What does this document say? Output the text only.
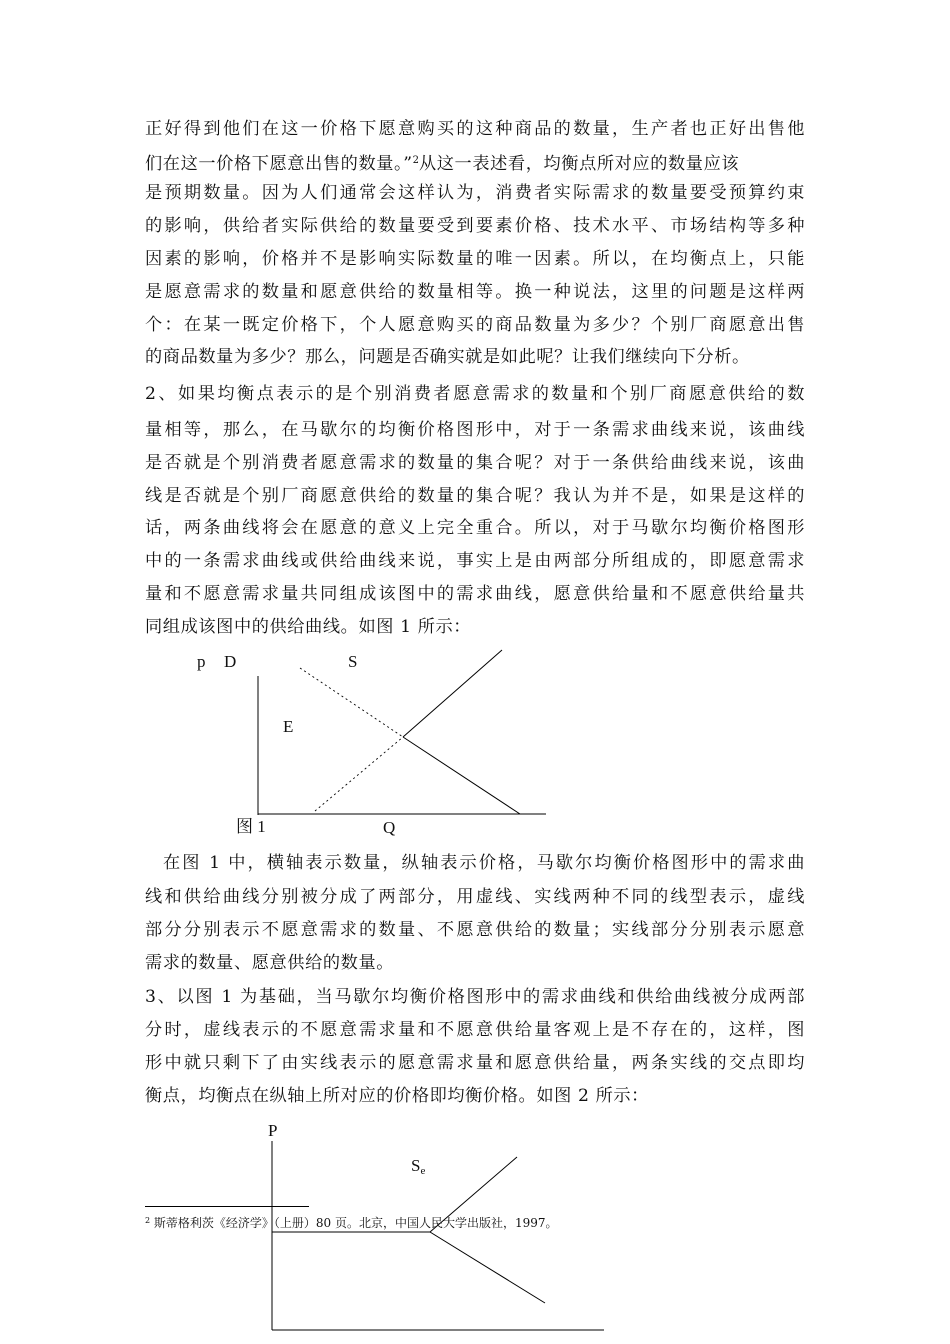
正好得到他们在这一价格下愿意购买的这种商品的数量，生产者也正好出售他
们在这一价格下愿意出售的数量。”$^2$从这一表述看，均衡点所对应的数量应该
是预期数量。因为人们通常会这样认为，消费者实际需求的数量要受预算约束
的影响，供给者实际供给的数量要受到要素价格、技术水平、市场结构等多种
因素的影响，价格并不是影响实际数量的唯一因素。所以，在均衡点上，只能
是愿意需求的数量和愿意供给的数量相等。换一种说法，这里的问题是这样两
个：在某一既定价格下，个人愿意购买的商品数量为多少？个别厂商愿意出售
的商品数量为多少？那么，问题是否确实就是如此呢？让我们继续向下分析。
2、如果均衡点表示的是个别消费者愿意需求的数量和个别厂商愿意供给的数
量相等，那么，在马歇尔的均衡价格图形中，对于一条需求曲线来说，该曲线
是否就是个别消费者愿意需求的数量的集合呢？对于一条供给曲线来说，该曲
线是否就是个别厂商愿意供给的数量的集合呢？我认为并不是，如果是这样的
话，两条曲线将会在愿意的意义上完全重合。所以，对于马歇尔均衡价格图形
中的一条需求曲线或供给曲线来说，事实上是由两部分所组成的，即愿意需求
量和不愿意需求量共同组成该图中的需求曲线，愿意供给量和不愿意供给量共
同组成该图中的供给曲线。如图 1 所示：
p D	S
E
图 1	Q
在图 1 中，横轴表示数量，纵轴表示价格，马歇尔均衡价格图形中的需求曲
线和供给曲线分别被分成了两部分，用虚线、实线两种不同的线型表示，虚线
部分分别表示不愿意需求的数量、不愿意供给的数量；实线部分分别表示愿意
需求的数量、愿意供给的数量。
3、以图 1 为基础，当马歇尔均衡价格图形中的需求曲线和供给曲线被分成两部
分时，虚线表示的不愿意需求量和不愿意供给量客观上是不存在的，这样，图
形中就只剩下了由实线表示的愿意需求量和愿意供给量，两条实线的交点即均
衡点，均衡点在纵轴上所对应的价格即均衡价格。如图 2 所示：
P
Se
$^2$ 斯蒂格利茨《经济学》（上册）80 页。北京，中国人民大学出版社，1997。
